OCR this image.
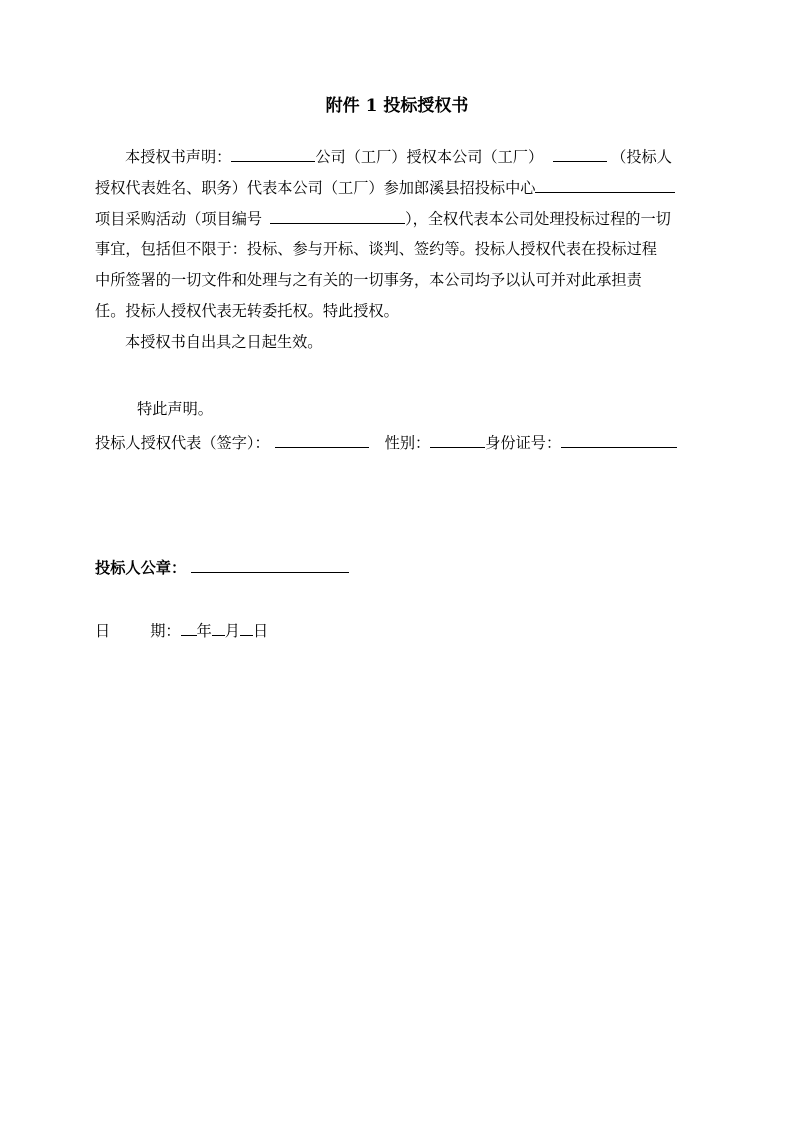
附件 1 投标授权书
本授权书声明：	公司（工厂）授权本公司（工厂）	（投标人
授权代表姓名、职务）代表本公司（工厂）参加郎溪县招投标中心
项目采购活动（项目编号	），全权代表本公司处理投标过程的一切
事宜，包括但不限于：投标、参与开标、谈判、签约等。投标人授权代表在投标过程
中所签署的一切文件和处理与之有关的一切事务，本公司均予以认可并对此承担责
任。投标人授权代表无转委托权。特此授权。
本授权书自出具之日起生效。
特此声明。
投标人授权代表（签字）：	性别：	身份证号：
投标人公章：
日	期： 年 月 日
